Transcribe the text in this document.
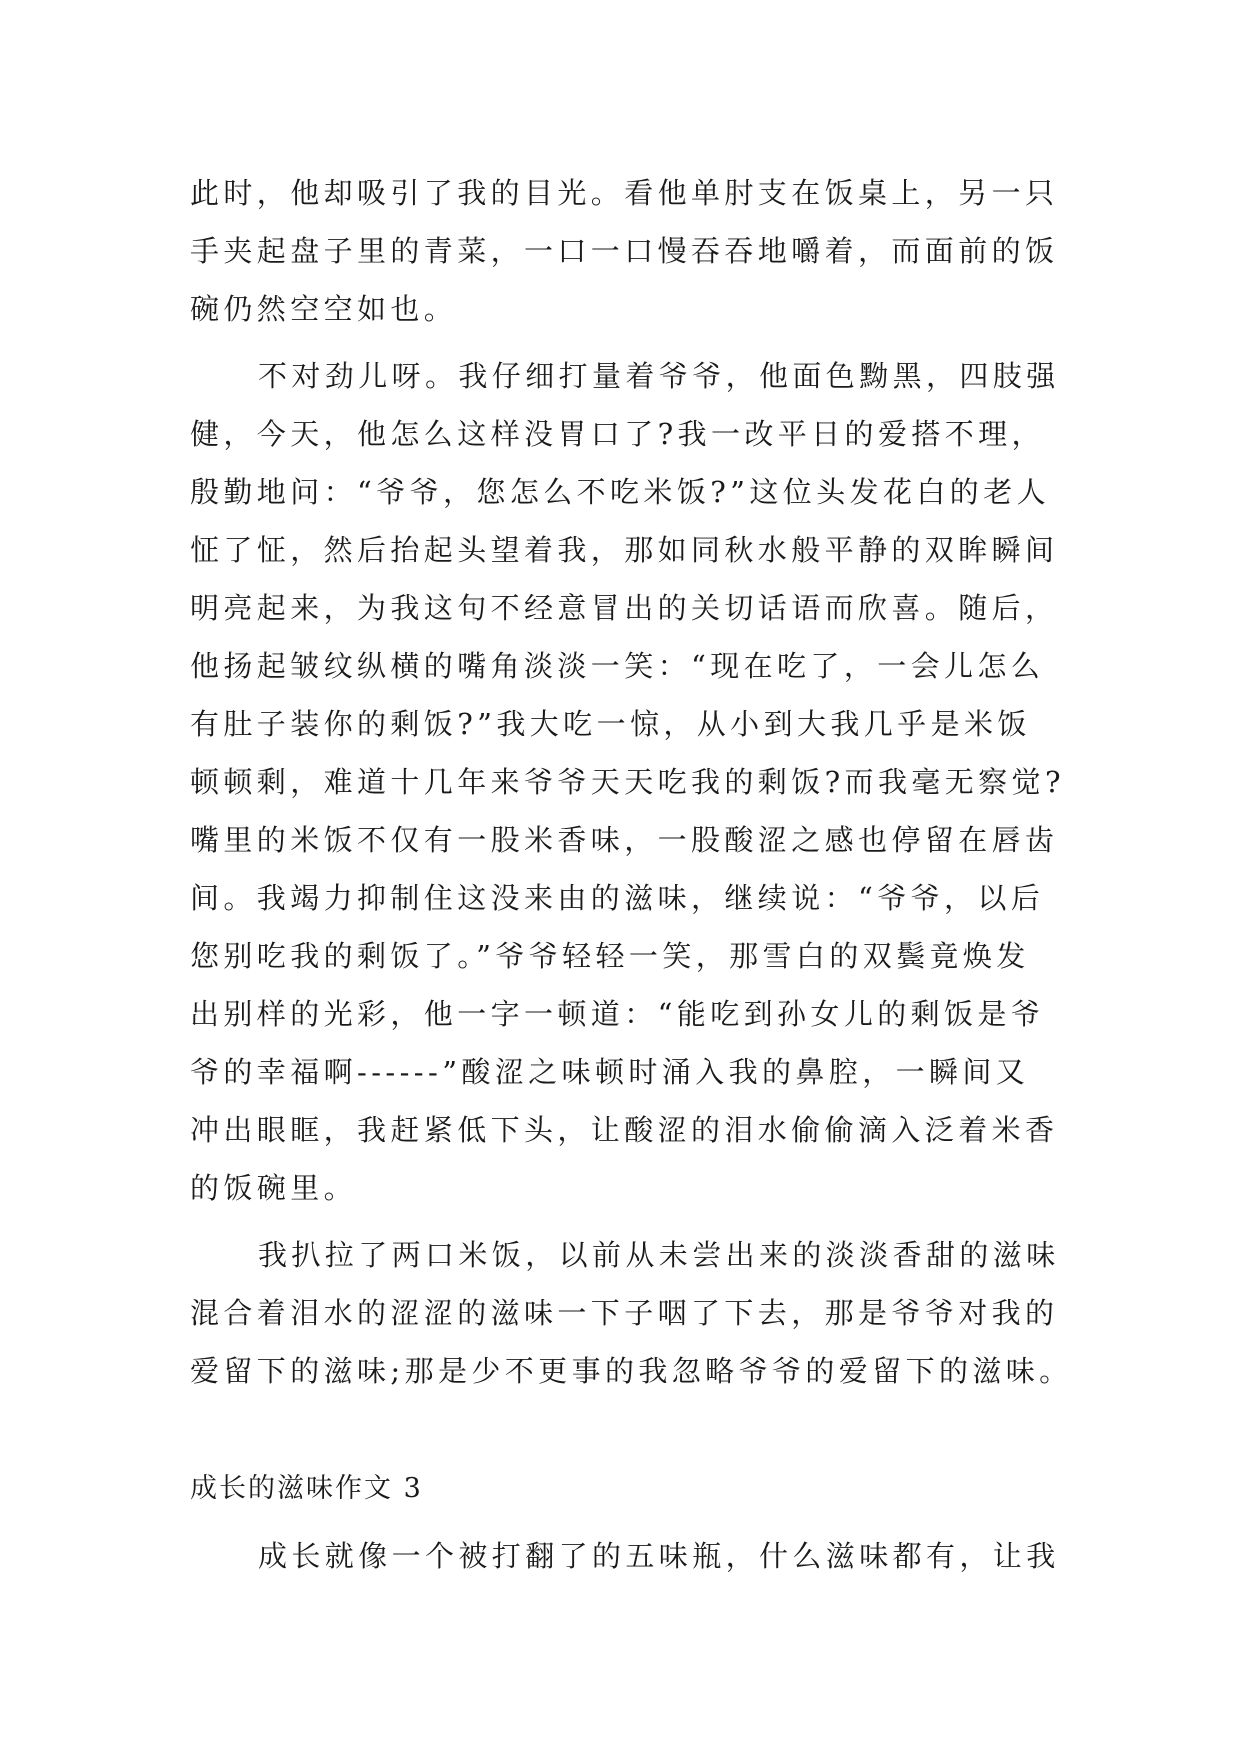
此时，他却吸引了我的目光。看他单肘支在饭桌上，另一只
手夹起盘子里的青菜，一口一口慢吞吞地嚼着，而面前的饭
碗仍然空空如也。
不对劲儿呀。我仔细打量着爷爷，他面色黝黑，四肢强
健，今天，他怎么这样没胃口了?我一改平日的爱搭不理，
殷勤地问：“爷爷，您怎么不吃米饭?”这位头发花白的老人
怔了怔，然后抬起头望着我，那如同秋水般平静的双眸瞬间
明亮起来，为我这句不经意冒出的关切话语而欣喜。随后，
他扬起皱纹纵横的嘴角淡淡一笑：“现在吃了，一会儿怎么
有肚子装你的剩饭?”我大吃一惊，从小到大我几乎是米饭
顿顿剩，难道十几年来爷爷天天吃我的剩饭?而我毫无察觉?
嘴里的米饭不仅有一股米香味，一股酸涩之感也停留在唇齿
间。我竭力抑制住这没来由的滋味，继续说：“爷爷，以后
您别吃我的剩饭了。”爷爷轻轻一笑，那雪白的双鬓竟焕发
出别样的光彩，他一字一顿道：“能吃到孙女儿的剩饭是爷
爷的幸福啊------”酸涩之味顿时涌入我的鼻腔，一瞬间又
冲出眼眶，我赶紧低下头，让酸涩的泪水偷偷滴入泛着米香
的饭碗里。
我扒拉了两口米饭，以前从未尝出来的淡淡香甜的滋味
混合着泪水的涩涩的滋味一下子咽了下去，那是爷爷对我的
爱留下的滋味;那是少不更事的我忽略爷爷的爱留下的滋味。
成长的滋味作文 3
成长就像一个被打翻了的五味瓶，什么滋味都有，让我
